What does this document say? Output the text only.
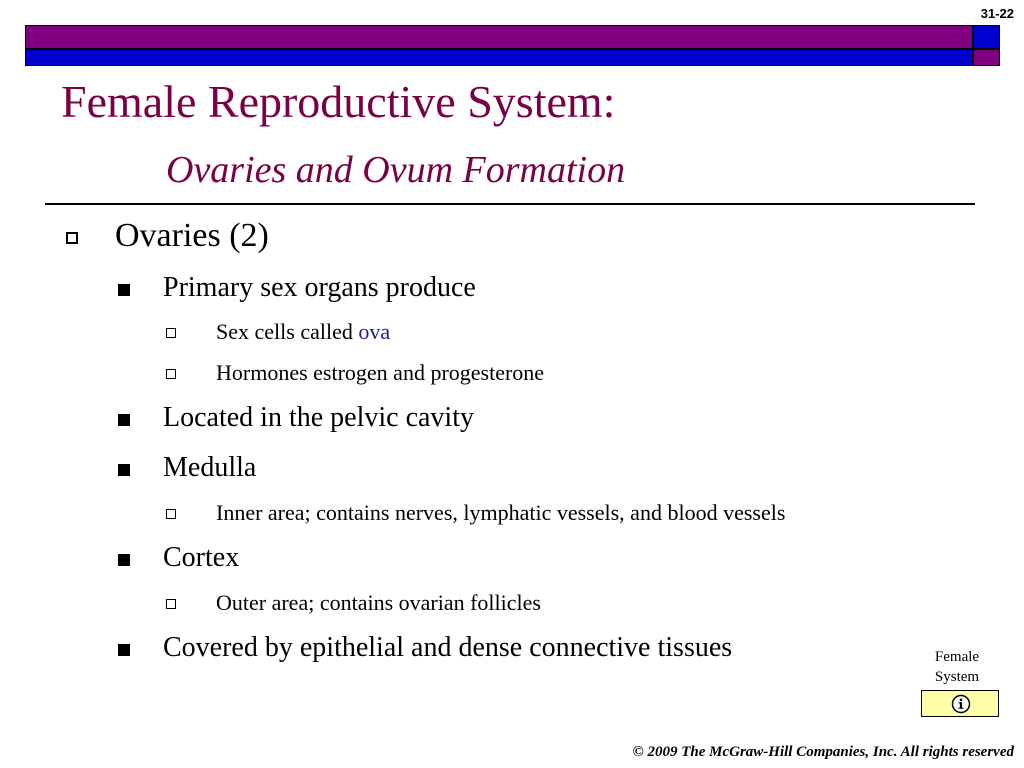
31-22
Female Reproductive System:
Ovaries and Ovum Formation
Ovaries (2)
Primary sex organs produce
Sex cells called ova
Hormones estrogen and progesterone
Located in the pelvic cavity
Medulla
Inner area; contains nerves, lymphatic vessels, and blood vessels
Cortex
Outer area; contains ovarian follicles
Covered by epithelial and dense connective tissues	Female
System
© 2009 The McGraw-Hill Companies, Inc. All rights reserved
